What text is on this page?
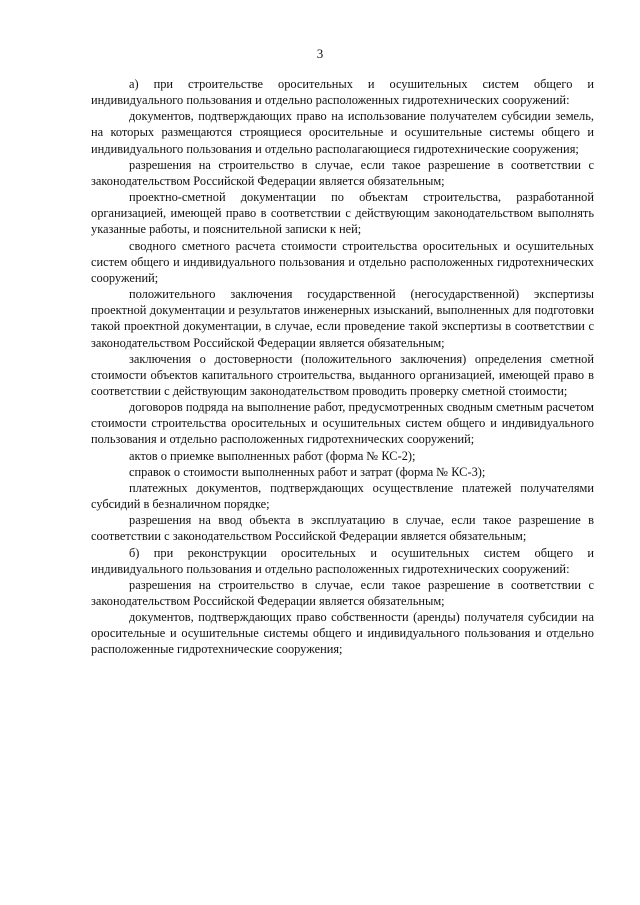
3

а) при строительстве оросительных и осушительных систем общего и индивидуального пользования и отдельно расположенных гидротехнических сооружений:

документов, подтверждающих право на использование получателем субсидии земель, на которых размещаются строящиеся оросительные и осушительные системы общего и индивидуального пользования и отдельно располагающиеся гидротехнические сооружения;

разрешения на строительство в случае, если такое разрешение в соответствии с законодательством Российской Федерации является обязательным;

проектно-сметной документации по объектам строительства, разработанной организацией, имеющей право в соответствии с действующим законодательством выполнять указанные работы, и пояснительной записки к ней;

сводного сметного расчета стоимости строительства оросительных и осушительных систем общего и индивидуального пользования и отдельно расположенных гидротехнических сооружений;

положительного заключения государственной (негосударственной) экспертизы проектной документации и результатов инженерных изысканий, выполненных для подготовки такой проектной документации, в случае, если проведение такой экспертизы в соответствии с законодательством Российской Федерации является обязательным;

заключения о достоверности (положительного заключения) определения сметной стоимости объектов капитального строительства, выданного организацией, имеющей право в соответствии с действующим законодательством проводить проверку сметной стоимости;

договоров подряда на выполнение работ, предусмотренных сводным сметным расчетом стоимости строительства оросительных и осушительных систем общего и индивидуального пользования и отдельно расположенных гидротехнических сооружений;

актов о приемке выполненных работ (форма № КС-2);

справок о стоимости выполненных работ и затрат (форма № КС-3);

платежных документов, подтверждающих осуществление платежей получателями субсидий в безналичном порядке;

разрешения на ввод объекта в эксплуатацию в случае, если такое разрешение в соответствии с законодательством Российской Федерации является обязательным;

б) при реконструкции оросительных и осушительных систем общего и индивидуального пользования и отдельно расположенных гидротехнических сооружений:

разрешения на строительство в случае, если такое разрешение в соответствии с законодательством Российской Федерации является обязательным;

документов, подтверждающих право собственности (аренды) получателя субсидии на оросительные и осушительные системы общего и индивидуального пользования и отдельно расположенные гидротехнические сооружения;
